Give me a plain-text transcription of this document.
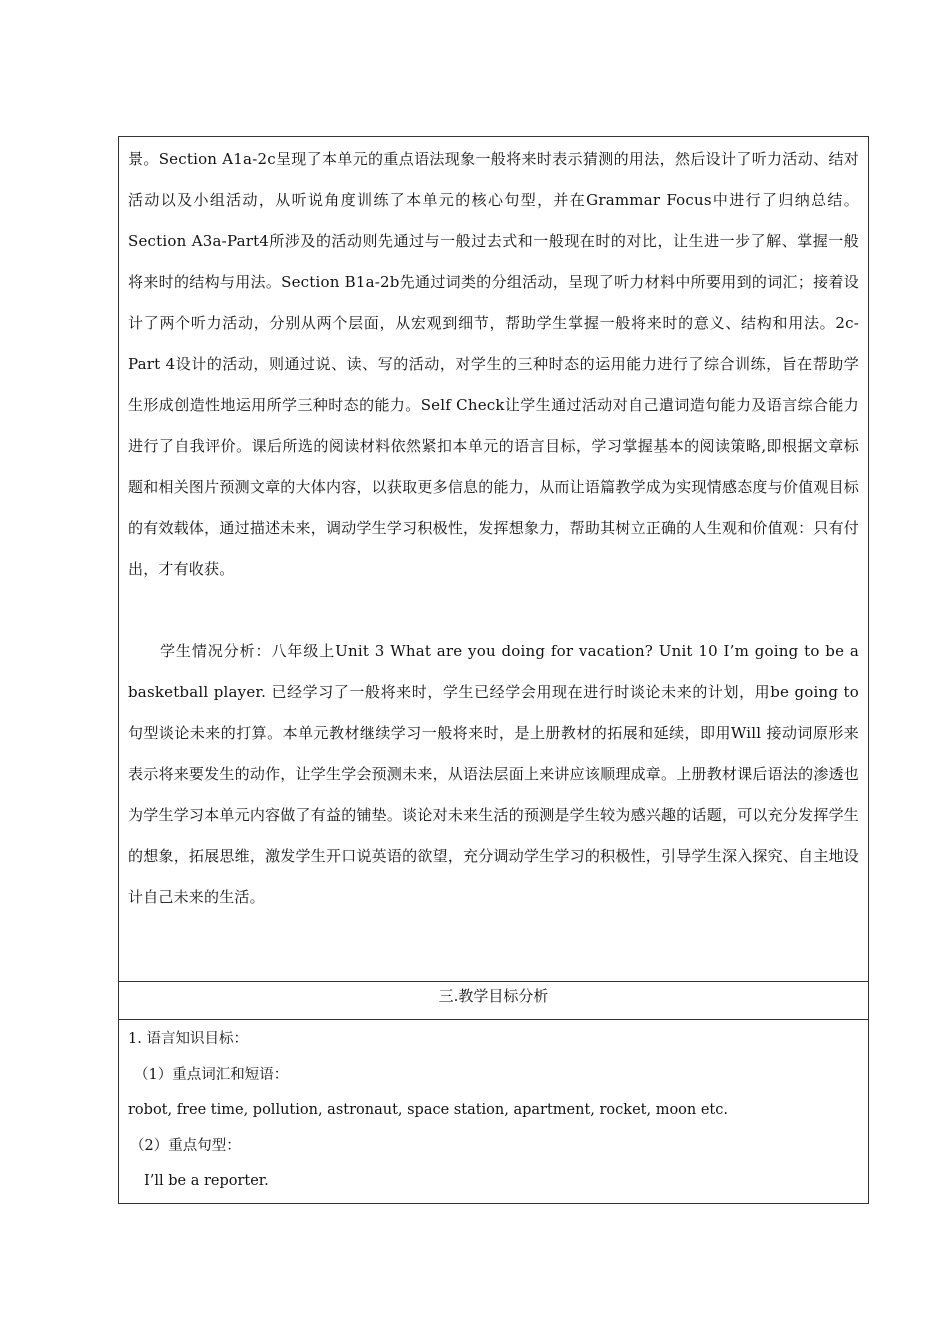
景。Section A1a-2c呈现了本单元的重点语法现象一般将来时表示猜测的用法，然后设计了听力活动、结对活动以及小组活动，从听说角度训练了本单元的核心句型，并在Grammar Focus中进行了归纳总结。Section A3a-Part4所涉及的活动则先通过与一般过去式和一般现在时的对比，让生进一步了解、掌握一般将来时的结构与用法。Section B1a-2b先通过词类的分组活动，呈现了听力材料中所要用到的词汇；接着设计了两个听力活动，分别从两个层面，从宏观到细节，帮助学生掌握一般将来时的意义、结构和用法。2c- Part 4设计的活动，则通过说、读、写的活动，对学生的三种时态的运用能力进行了综合训练，旨在帮助学生形成创造性地运用所学三种时态的能力。Self Check让学生通过活动对自己遣词造句能力及语言综合能力进行了自我评价。课后所选的阅读材料依然紧扣本单元的语言目标，学习掌握基本的阅读策略,即根据文章标题和相关图片预测文章的大体内容，以获取更多信息的能力，从而让语篇教学成为实现情感态度与价值观目标的有效载体，通过描述未来，调动学生学习积极性，发挥想象力，帮助其树立正确的人生观和价值观：只有付出，才有收获。

学生情况分析：八年级上Unit 3 What are you doing for vacation? Unit 10 I’m going to be a basketball player. 已经学习了一般将来时，学生已经学会用现在进行时谈论未来的计划，用be going to句型谈论未来的打算。本单元教材继续学习一般将来时，是上册教材的拓展和延续，即用Will 接动词原形来表示将来要发生的动作，让学生学会预测未来，从语法层面上来讲应该顺理成章。上册教材课后语法的渗透也为学生学习本单元内容做了有益的铺垫。谈论对未来生活的预测是学生较为感兴趣的话题，可以充分发挥学生的想象，拓展思维，激发学生开口说英语的欲望，充分调动学生学习的积极性，引导学生深入探究、自主地设计自己未来的生活。

三.教学目标分析

1. 语言知识目标：

（1）重点词汇和短语：

robot, free time, pollution, astronaut, space station, apartment, rocket, moon etc.

（2）重点句型：

I’ll be a reporter.
